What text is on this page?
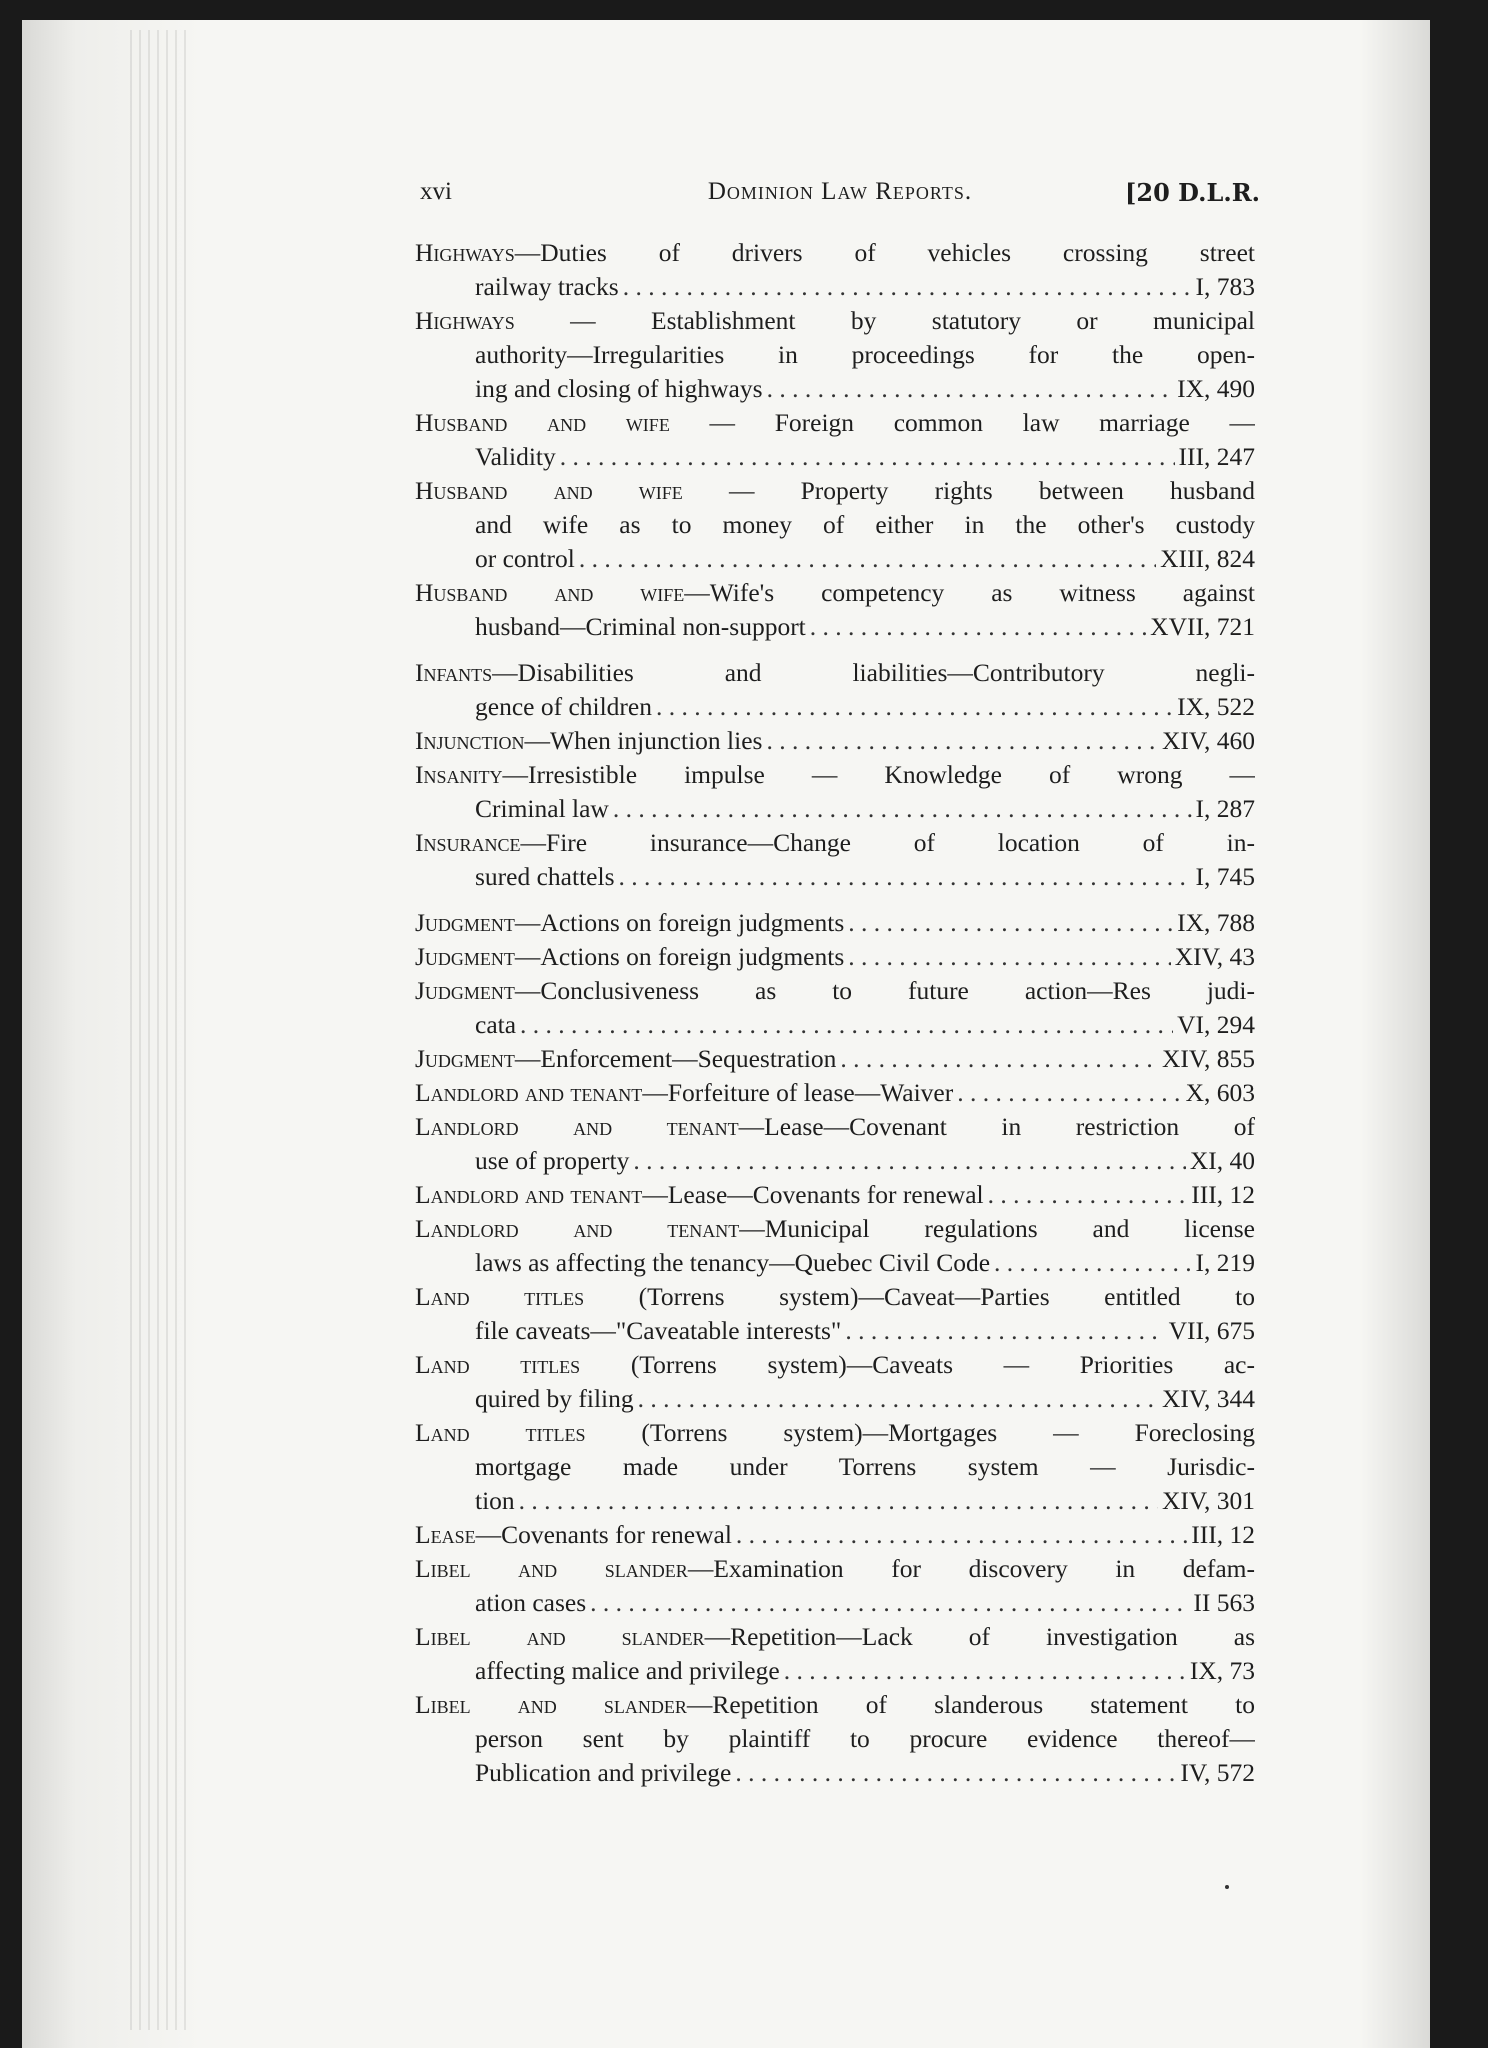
xvi	Dominion Law Reports.	[20 D.L.R.
Highways—Duties of drivers of vehicles crossing street
railway tracks . . .	I, 783
Highways — Establishment by statutory or municipal
authority—Irregularities in proceedings for the open-
ing and closing of highways . . .	IX, 490
Husband and wife — Foreign common law marriage —
Validity . . .	III, 247
Husband and wife — Property rights between husband
and wife as to money of either in the other's custody
or control . . .	XIII, 824
Husband and wife—Wife's competency as witness against
husband—Criminal non-support . . .	XVII, 721
Infants—Disabilities and liabilities—Contributory negli-
gence of children . . .	IX, 522
Injunction—When injunction lies . . .	XIV, 460
Insanity—Irresistible impulse — Knowledge of wrong —
Criminal law . . .	I, 287
Insurance—Fire insurance—Change of location of in-
sured chattels . . .	I, 745
Judgment—Actions on foreign judgments . . .	IX, 788
Judgment—Actions on foreign judgments . . .	XIV, 43
Judgment—Conclusiveness as to future action—Res judi-
cata . . .	VI, 294
Judgment—Enforcement—Sequestration . . .	XIV, 855
Landlord and tenant—Forfeiture of lease—Waiver . . .	X, 603
Landlord and tenant—Lease—Covenant in restriction of
use of property . . .	XI, 40
Landlord and tenant—Lease—Covenants for renewal . . .	III, 12
Landlord and tenant—Municipal regulations and license
laws as affecting the tenancy—Quebec Civil Code . . .	I, 219
Land titles (Torrens system)—Caveat—Parties entitled to
file caveats—"Caveatable interests" . . .	VII, 675
Land titles (Torrens system)—Caveats — Priorities ac-
quired by filing . . .	XIV, 344
Land titles (Torrens system)—Mortgages — Foreclosing
mortgage made under Torrens system — Jurisdic-
tion . . .	XIV, 301
Lease—Covenants for renewal . . .	III, 12
Libel and slander—Examination for discovery in defam-
ation cases . . .	II 563
Libel and slander—Repetition—Lack of investigation as
affecting malice and privilege . . .	IX, 73
Libel and slander—Repetition of slanderous statement to
person sent by plaintiff to procure evidence thereof—
Publication and privilege . . .	IV, 572
